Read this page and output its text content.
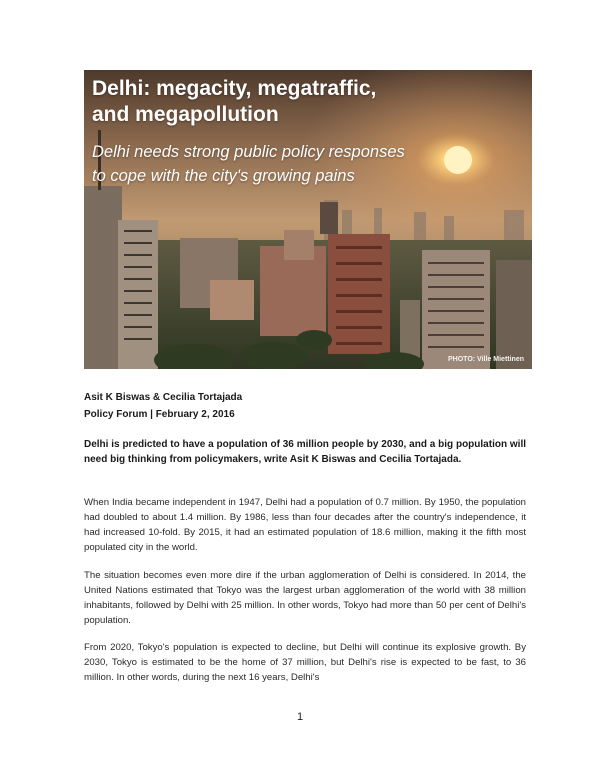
Delhi: megacity, megatraffic,
and megapollution

Delhi needs strong public policy responses
to cope with the city's growing pains

PHOTO: Ville Miettinen
Asit K Biswas & Cecilia Tortajada
Policy Forum | February 2, 2016

Delhi is predicted to have a population of 36 million people by 2030, and a big population will need big thinking from policymakers, write Asit K Biswas and Cecilia Tortajada.

When India became independent in 1947, Delhi had a population of 0.7 million. By 1950, the population had doubled to about 1.4 million. By 1986, less than four decades after the country's independence, it had increased 10-fold. By 2015, it had an estimated population of 18.6 million, making it the fifth most populated city in the world.

The situation becomes even more dire if the urban agglomeration of Delhi is considered. In 2014, the United Nations estimated that Tokyo was the largest urban agglomeration of the world with 38 million inhabitants, followed by Delhi with 25 million. In other words, Tokyo had more than 50 per cent of Delhi's population.

From 2020, Tokyo's population is expected to decline, but Delhi will continue its explosive growth. By 2030, Tokyo is estimated to be the home of 37 million, but Delhi's rise is expected to be fast, to 36 million. In other words, during the next 16 years, Delhi's

1
